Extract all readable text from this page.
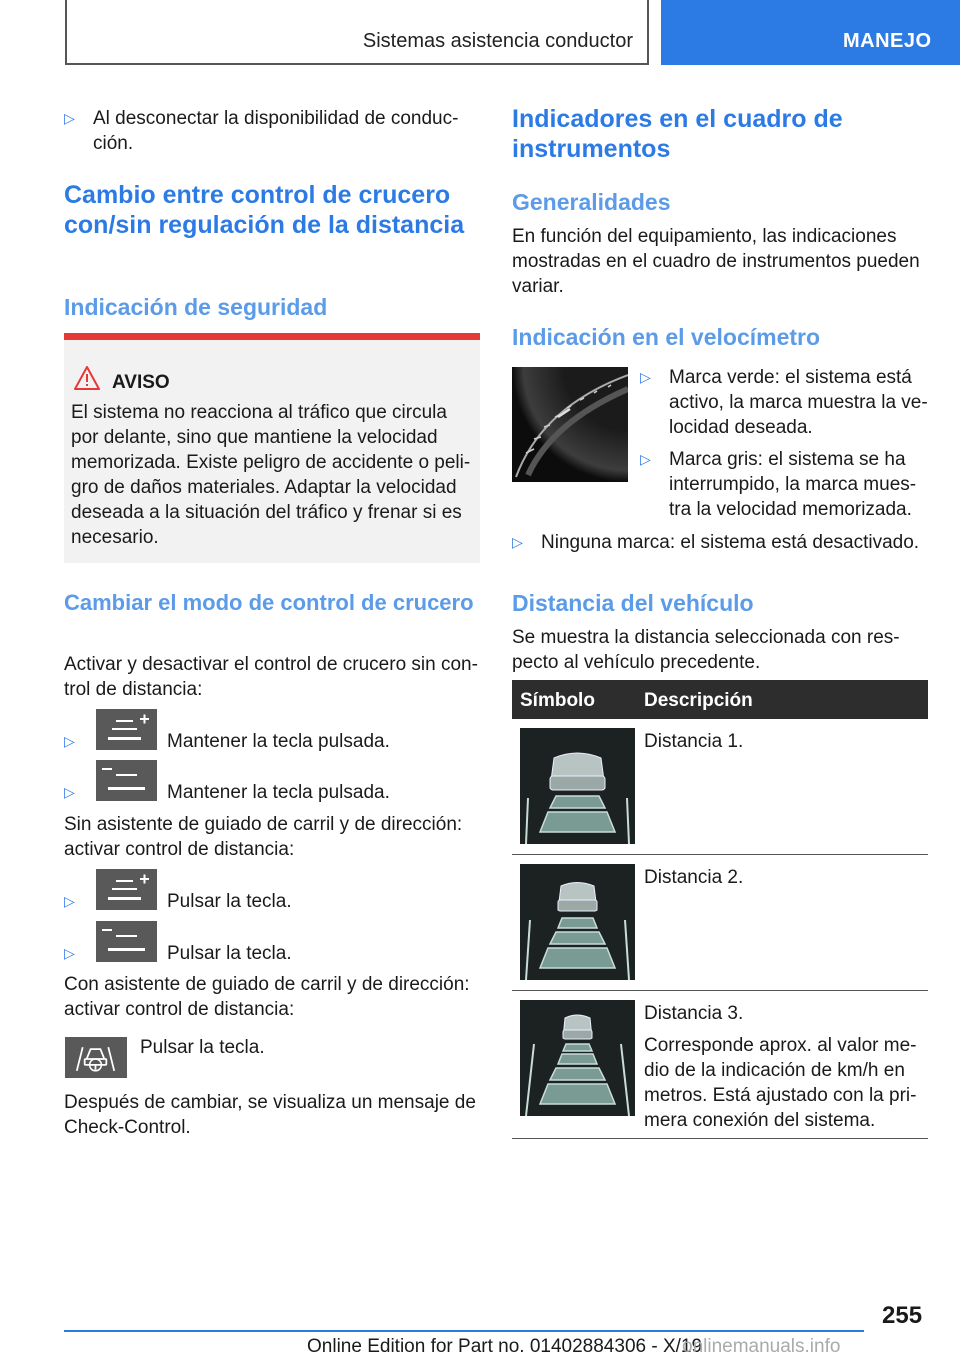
Sistemas asistencia conductor	MANEJO
▷ Al desconectar la disponibilidad de conduc‐ción.
Cambio entre control de crucero con/sin regulación de la distancia
Indicación de seguridad
AVISO
El sistema no reacciona al tráfico que circula por delante, sino que mantiene la velocidad memorizada. Existe peligro de accidente o peli‐gro de daños materiales. Adaptar la velocidad deseada a la situación del tráfico y frenar si es necesario.
Cambiar el modo de control de crucero
Activar y desactivar el control de crucero sin con‐trol de distancia:
▷	Mantener la tecla pulsada.
▷	Mantener la tecla pulsada.
Sin asistente de guiado de carril y de dirección: activar control de distancia:
▷	Pulsar la tecla.
▷	Pulsar la tecla.
Con asistente de guiado de carril y de dirección: activar control de distancia:
Pulsar la tecla.
Después de cambiar, se visualiza un mensaje de Check-Control.
Indicadores en el cuadro de instrumentos
Generalidades
En función del equipamiento, las indicaciones mostradas en el cuadro de instrumentos pueden variar.
Indicación en el velocímetro
▷ Marca verde: el sistema está activo, la marca muestra la ve‐locidad deseada.
▷ Marca gris: el sistema se ha interrumpido, la marca mues‐tra la velocidad memorizada.
▷ Ninguna marca: el sistema está desactivado.
Distancia del vehículo
Se muestra la distancia seleccionada con res‐pecto al vehículo precedente.
Símbolo	Descripción
Distancia 1.
Distancia 2.
Distancia 3.
Corresponde aprox. al valor me‐dio de la indicación de km/h en metros. Está ajustado con la pri‐mera conexión del sistema.
255
Online Edition for Part no. 01402884306 - X/19
onlinemanuals.info
